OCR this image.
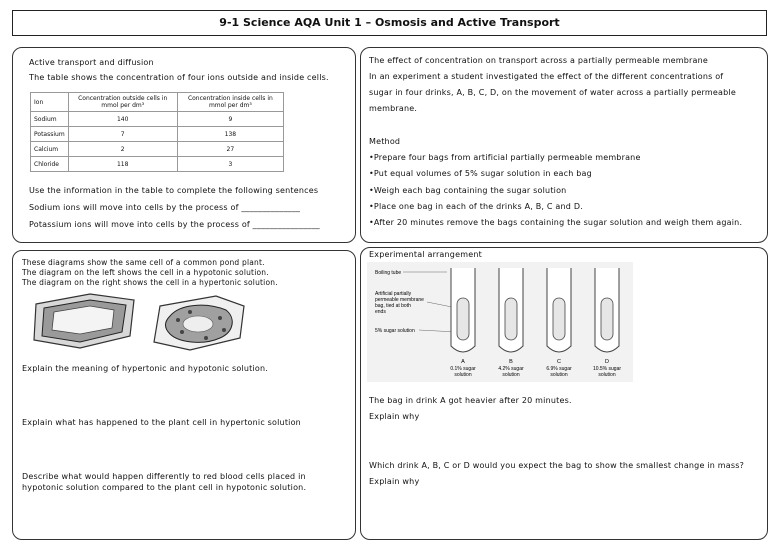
9-1 Science AQA Unit 1 – Osmosis and Active Transport
Active transport and diffusion
The table shows the concentration of four ions outside and inside cells.
Ion	Concentration outside cells in mmol per dm³	Concentration inside cells in mmol per dm³
Sodium	140	9
Potassium	7	138
Calcium	2	27
Chloride	118	3
Use the information in the table to complete the following sentences
Sodium ions will move into cells by the process of ______________
Potassium ions will move into cells by the process of ________________
These diagrams show the same cell of a common pond plant.
The diagram on the left shows the cell in a hypotonic solution.
The diagram on the right shows the cell in a hypertonic solution.
Explain the meaning of hypertonic and hypotonic solution.
Explain what has happened to the plant cell in hypertonic solution
Describe what would happen differently to red blood cells placed in
hypotonic solution compared to the plant cell in hypotonic solution.
The effect of concentration on transport across a partially permeable membrane
In an experiment a student investigated the effect of the different concentrations of
sugar in four drinks, A, B, C, D, on the movement of water across a partially permeable
membrane.
Method
•Prepare four bags from artificial partially permeable membrane
•Put equal volumes of 5% sugar solution in each bag
•Weigh each bag containing the sugar solution
•Place one bag in each of the drinks A, B, C and D.
•After 20 minutes remove the bags containing the sugar solution and weigh them again.
Experimental arrangement
Boiling tube
Artificial partially
permeable membrane
bag, tied at both
ends
5% sugar solution
A
0.1% sugar
solution
B
4.2% sugar
solution
C
6.9% sugar
solution
D
10.5% sugar
solution
The bag in drink A got heavier after 20 minutes.
Explain why
Which drink A, B, C or D would you expect the bag to show the smallest change in mass?
Explain why
